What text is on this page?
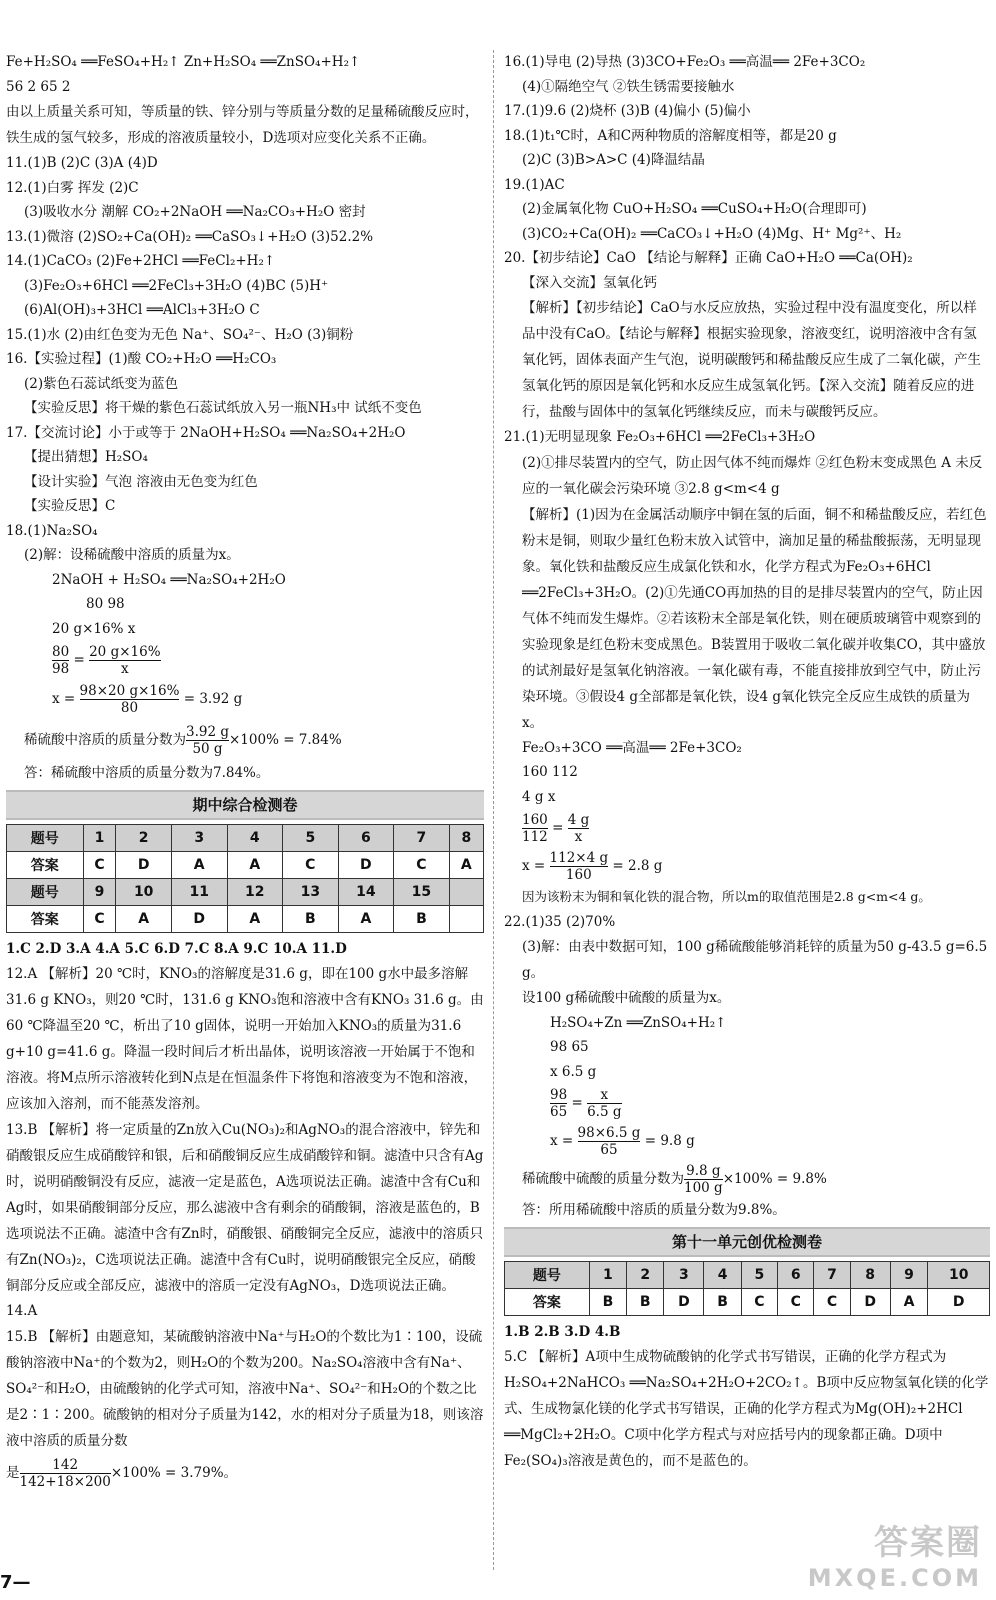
Fe+H₂SO₄ ══FeSO₄+H₂↑ Zn+H₂SO₄ ══ZnSO₄+H₂↑
56 2 65 2
由以上质量关系可知，等质量的铁、锌分别与等质量分数的足量稀硫酸反应时，铁生成的氢气较多，形成的溶液质量较小，D选项对应变化关系不正确。
11.(1)B (2)C (3)A (4)D
12.(1)白雾 挥发 (2)C
(3)吸收水分 潮解 CO₂+2NaOH ══Na₂CO₃+H₂O 密封
13.(1)微溶 (2)SO₂+Ca(OH)₂ ══CaSO₃↓+H₂O (3)52.2%
14.(1)CaCO₃ (2)Fe+2HCl ══FeCl₂+H₂↑
(3)Fe₂O₃+6HCl ══2FeCl₃+3H₂O (4)BC (5)H⁺
(6)Al(OH)₃+3HCl ══AlCl₃+3H₂O C
15.(1)水 (2)由红色变为无色 Na⁺、SO₄²⁻、H₂O (3)铜粉
16.【实验过程】(1)酸 CO₂+H₂O ══H₂CO₃
(2)紫色石蕊试纸变为蓝色
【实验反思】将干燥的紫色石蕊试纸放入另一瓶NH₃中 试纸不变色
17.【交流讨论】小于或等于 2NaOH+H₂SO₄ ══Na₂SO₄+2H₂O
【提出猜想】H₂SO₄
【设计实验】气泡 溶液由无色变为红色
【实验反思】C
18.(1)Na₂SO₄
(2)解：设稀硫酸中溶质的质量为x。
2NaOH + H₂SO₄ ══Na₂SO₄+2H₂O
80 98
20 g×16% x
$\frac{80}{98} = \frac{20 g\times 16\%}{x}$
$x = \frac{98\times 20 g\times 16\%}{80} = 3.92$ g
稀硫酸中溶质的质量分数为 $\frac{3.92 g}{50 g} \times 100\% = 7.84\%$
答：稀硫酸中溶质的质量分数为7.84%。
期中综合检测卷
题号	1	2	3	4	5	6	7	8
答案	C	D	A	A	C	D	C	A
题号	9	10	11	12	13	14	15	
答案	C	A	D	A	B	A	B	
1.C 2.D 3.A 4.A 5.C 6.D 7.C 8.A 9.C 10.A 11.D
12.A 【解析】20 ℃时，KNO₃的溶解度是31.6 g，即在100 g水中最多溶解31.6 g KNO₃，则20 ℃时，131.6 g KNO₃饱和溶液中含有KNO₃ 31.6 g。由60 ℃降温至20 ℃，析出了10 g固体，说明一开始加入KNO₃的质量为31.6 g+10 g=41.6 g。降温一段时间后才析出晶体，说明该溶液一开始属于不饱和溶液。将M点所示溶液转化到N点是在恒温条件下将饱和溶液变为不饱和溶液，应该加入溶剂，而不能蒸发溶剂。
13.B 【解析】将一定质量的Zn放入Cu(NO₃)₂和AgNO₃的混合溶液中，锌先和硝酸银反应生成硝酸锌和银，后和硝酸铜反应生成硝酸锌和铜。滤渣中只含有Ag时，说明硝酸铜没有反应，滤液一定是蓝色，A选项说法正确。滤渣中含有Cu和Ag时，如果硝酸铜部分反应，那么滤液中含有剩余的硝酸铜，溶液是蓝色的，B选项说法不正确。滤渣中含有Zn时，硝酸银、硝酸铜完全反应，滤液中的溶质只有Zn(NO₃)₂，C选项说法正确。滤渣中含有Cu时，说明硝酸银完全反应，硝酸铜部分反应或全部反应，滤液中的溶质一定没有AgNO₃，D选项说法正确。
14.A
15.B 【解析】由题意知，某硫酸钠溶液中Na⁺与H₂O的个数比为1∶100，设硫酸钠溶液中Na⁺的个数为2，则H₂O的个数为200。Na₂SO₄溶液中含有Na⁺、SO₄²⁻和H₂O，由硫酸钠的化学式可知，溶液中Na⁺、SO₄²⁻和H₂O的个数之比是2∶1∶200。硫酸钠的相对分子质量为142，水的相对分子质量为18，则该溶液中溶质的质量分数
是 $\frac{142}{142+18\times 200} \times 100\% = 3.79\%$。
16.(1)导电 (2)导热 (3)3CO+Fe₂O₃ ══高温══ 2Fe+3CO₂
(4)①隔绝空气 ②铁生锈需要接触水
17.(1)9.6 (2)烧杯 (3)B (4)偏小 (5)偏小
18.(1)t₁℃时，A和C两种物质的溶解度相等，都是20 g
(2)C (3)B>A>C (4)降温结晶
19.(1)AC
(2)金属氧化物 CuO+H₂SO₄ ══CuSO₄+H₂O(合理即可)
(3)CO₂+Ca(OH)₂ ══CaCO₃↓+H₂O (4)Mg、H⁺ Mg²⁺、H₂
20.【初步结论】CaO 【结论与解释】正确 CaO+H₂O ══Ca(OH)₂
【深入交流】氢氧化钙
【解析】【初步结论】CaO与水反应放热，实验过程中没有温度变化，所以样品中没有CaO。【结论与解释】根据实验现象，溶液变红，说明溶液中含有氢氧化钙，固体表面产生气泡，说明碳酸钙和稀盐酸反应生成了二氧化碳，产生氢氧化钙的原因是氧化钙和水反应生成氢氧化钙。【深入交流】随着反应的进行，盐酸与固体中的氢氧化钙继续反应，而未与碳酸钙反应。
21.(1)无明显现象 Fe₂O₃+6HCl ══2FeCl₃+3H₂O
(2)①排尽装置内的空气，防止因气体不纯而爆炸 ②红色粉末变成黑色 A 未反应的一氧化碳会污染环境 ③2.8 g<m<4 g
【解析】(1)因为在金属活动顺序中铜在氢的后面，铜不和稀盐酸反应，若红色粉末是铜，则取少量红色粉末放入试管中，滴加足量的稀盐酸振荡，无明显现象。氧化铁和盐酸反应生成氯化铁和水，化学方程式为Fe₂O₃+6HCl ══2FeCl₃+3H₂O。(2)①先通CO再加热的目的是排尽装置内的空气，防止因气体不纯而发生爆炸。②若该粉末全部是氧化铁，则在硬质玻璃管中观察到的实验现象是红色粉末变成黑色。B装置用于吸收二氧化碳并收集CO，其中盛放的试剂最好是氢氧化钠溶液。一氧化碳有毒，不能直接排放到空气中，防止污染环境。③假设4 g全部都是氧化铁，设4 g氧化铁完全反应生成铁的质量为x。
Fe₂O₃+3CO ══高温══ 2Fe+3CO₂
160 112
4 g x
$\frac{160}{112} = \frac{4 g}{x}$
$x = \frac{112\times 4 g}{160} = 2.8$ g
因为该粉末为铜和氧化铁的混合物，所以m的取值范围是2.8 g<m<4 g。
22.(1)35 (2)70%
(3)解：由表中数据可知，100 g稀硫酸能够消耗锌的质量为50 g-43.5 g=6.5 g。
设100 g稀硫酸中硫酸的质量为x。
H₂SO₄+Zn ══ZnSO₄+H₂↑
98 65
x 6.5 g
$\frac{98}{65} = \frac{x}{6.5 g}$
$x = \frac{98\times 6.5 g}{65} = 9.8$ g
稀硫酸中硫酸的质量分数为 $\frac{9.8 g}{100 g} \times 100\% = 9.8\%$
答：所用稀硫酸中溶质的质量分数为9.8%。
第十一单元创优检测卷
题号	1	2	3	4	5	6	7	8	9	10
答案	B	B	D	B	C	C	C	D	A	D
1.B 2.B 3.D 4.B
5.C 【解析】A项中生成物硫酸钠的化学式书写错误，正确的化学方程式为H₂SO₄+2NaHCO₃ ══Na₂SO₄+2H₂O+2CO₂↑。B项中反应物氢氧化镁的化学式、生成物氯化镁的化学式书写错误，正确的化学方程式为Mg(OH)₂+2HCl ══MgCl₂+2H₂O。C项中化学方程式与对应括号内的现象都正确。D项中Fe₂(SO₄)₃溶液是黄色的，而不是蓝色的。
7—
答案圈
MXQE.COM
